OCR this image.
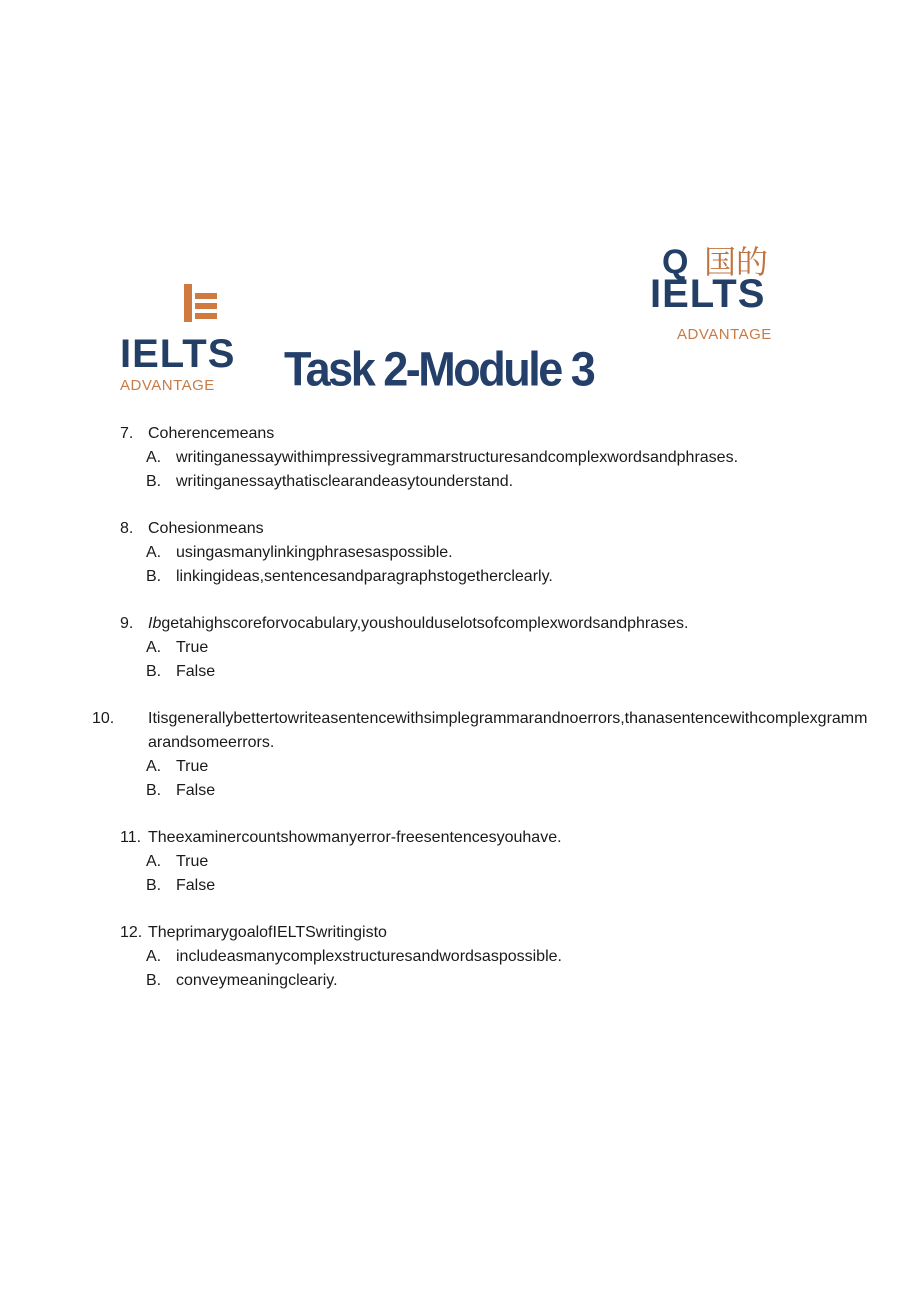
Q 国的
IELTS
ADVANTAGE
IELTS
ADVANTAGE Task 2-Module 3
7. Coherencemeans
A. writinganessaywithimpressivegrammarstructuresandcomplexwordsandphrases.
B. writinganessaythatisclearandeasytounderstand.
8. Cohesionmeans
A. usingasmanylinkingphrasesaspossible.
B. linkingideas,sentencesandparagraphstogetherclearly.
9. Ibgetahighscoreforvocabulary,youshoulduselotsofcomplexwordsandphrases.
A. True
B. False
10. Itisgenerallybettertowriteasentencewithsimplegrammarandnoerrors,thanasentencewithcomplexgrammarandsomeerrors.
A. True
B. False
11. Theexaminercountshowmanyerror-freesentencesyouhave.
A. True
B. False
12. TheprimarygoalofIELTSwritingisto
A. includeasmanycomplexstructuresandwordsaspossible.
B. conveymeaningcleariy.
